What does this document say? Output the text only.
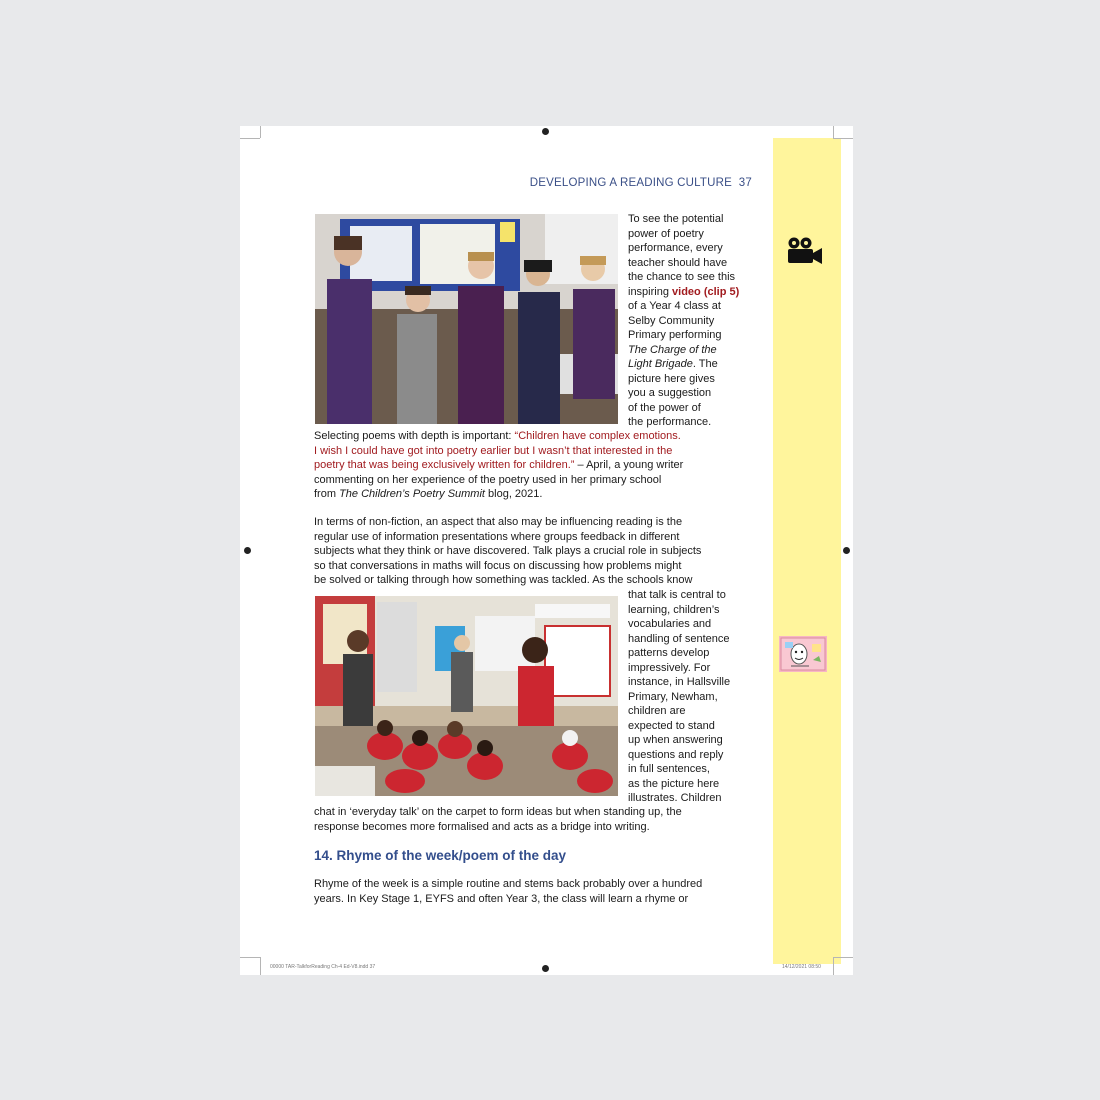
DEVELOPING A READING CULTURE 37
To see the potential
power of poetry
performance, every
teacher should have
the chance to see this
inspiring video (clip 5)
of a Year 4 class at
Selby Community
Primary performing
The Charge of the
Light Brigade. The
picture here gives
you a suggestion
of the power of
the performance.
Selecting poems with depth is important: “Children have complex emotions.
I wish I could have got into poetry earlier but I wasn’t that interested in the
poetry that was being exclusively written for children.” – April, a young writer
commenting on her experience of the poetry used in her primary school
from The Children’s Poetry Summit blog, 2021.
In terms of non-fiction, an aspect that also may be influencing reading is the
regular use of information presentations where groups feedback in different
subjects what they think or have discovered. Talk plays a crucial role in subjects
so that conversations in maths will focus on discussing how problems might
be solved or talking through how something was tackled. As the schools know
that talk is central to
learning, children’s
vocabularies and
handling of sentence
patterns develop
impressively. For
instance, in Hallsville
Primary, Newham,
children are
expected to stand
up when answering
questions and reply
in full sentences,
as the picture here
illustrates. Children
chat in ‘everyday talk’ on the carpet to form ideas but when standing up, the
response becomes more formalised and acts as a bridge into writing.
14. Rhyme of the week/poem of the day
Rhyme of the week is a simple routine and stems back probably over a hundred
years. In Key Stage 1, EYFS and often Year 3, the class will learn a rhyme or
00000 TAR-TalkforReading Ch-4 Ed-V8.indd 37	14/12/2021 08:50
